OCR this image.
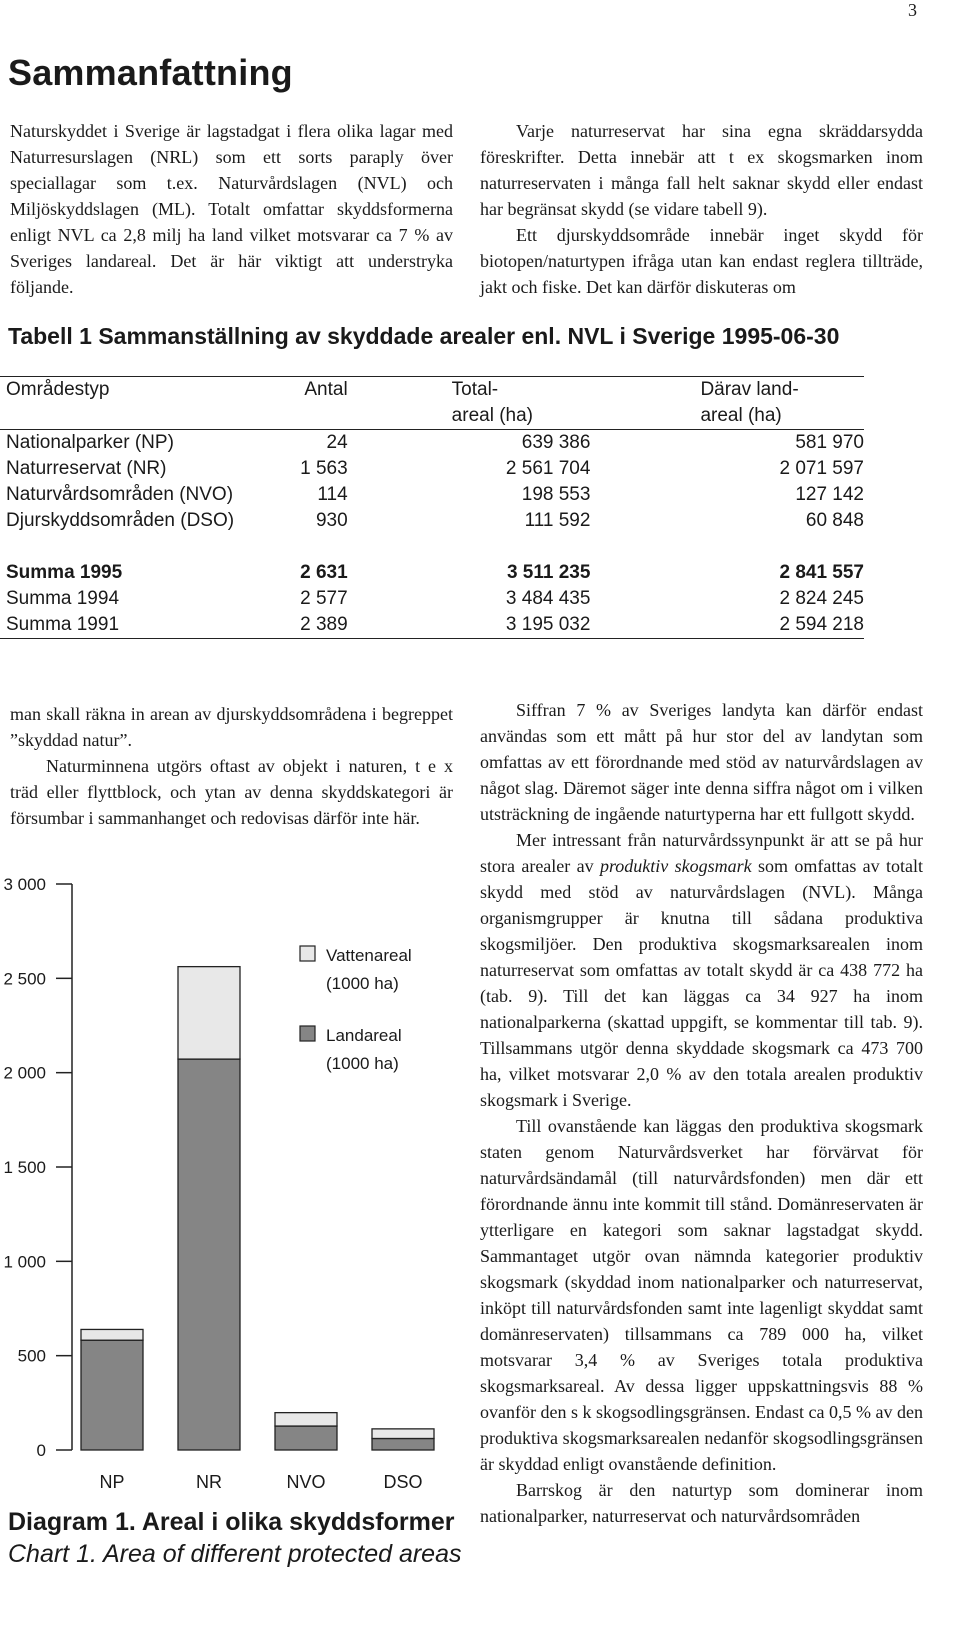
3
Sammanfattning

Naturskyddet i Sverige är lagstadgat i flera olika lagar med Naturresurslagen (NRL) som ett sorts paraply över speciallagar som t.ex. Naturvårdslagen (NVL) och Miljöskyddslagen (ML). Totalt omfattar skyddsformerna enligt NVL ca 2,8 milj ha land vilket motsvarar ca 7 % av Sveriges landareal. Det är här viktigt att understryka följande.

Varje naturreservat har sina egna skräddarsydda föreskrifter. Detta innebär att t ex skogsmarken inom naturreservaten i många fall helt saknar skydd eller endast har begränsat skydd (se vidare tabell 9).

Ett djurskyddsområde innebär inget skydd för biotopen/naturtypen ifråga utan kan endast reglera tillträde, jakt och fiske. Det kan därför diskuteras om

Tabell 1 Sammanställning av skyddade arealer enl. NVL i Sverige 1995-06-30
Områdestyp	Antal	Total-	Därav land-
		areal (ha)	areal (ha)
Nationalparker (NP)	24	639 386	581 970
Naturreservat (NR)	1 563	2 561 704	2 071 597
Naturvårdsområden (NVO)	114	198 553	127 142
Djurskyddsområden (DSO)	930	111 592	60 848

Summa 1995	2 631	3 511 235	2 841 557
Summa 1994	2 577	3 484 435	2 824 245
Summa 1991	2 389	3 195 032	2 594 218

man skall räkna in arean av djurskyddsområdena i begreppet ”skyddad natur”.

Naturminnena utgörs oftast av objekt i naturen, t e x träd eller flyttblock, och ytan av denna skyddskategori är försumbar i sammanhanget och redovisas därför inte här.

Siffran 7 % av Sveriges landyta kan därför endast användas som ett mått på hur stor del av landytan som omfattas av ett förordnande med stöd av naturvårdslagen av något slag. Däremot säger inte denna siffra något om i vilken utsträckning de ingående naturtyperna har ett fullgott skydd.

Mer intressant från naturvårdssynpunkt är att se på hur stora arealer av produktiv skogsmark som omfattas av totalt skydd med stöd av naturvårdslagen (NVL). Många organismgrupper är knutna till sådana produktiva skogsmiljöer. Den produktiva skogsmarksarealen inom naturreservat som omfattas av totalt skydd är ca 438 772 ha (tab. 9). Till det kan läggas ca 34 927 ha inom nationalparkerna (skattad uppgift, se kommentar till tab. 9). Tillsammans utgör denna skyddade skogsmark ca 473 700 ha, vilket motsvarar 2,0 % av den totala arealen produktiv skogsmark i Sverige.

Till ovanstående kan läggas den produktiva skogsmark staten genom Naturvårdsverket har förvärvat för naturvårdsändamål (till naturvårdsfonden) men där ett förordnande ännu inte kommit till stånd. Domänreservaten är ytterligare en kategori som saknar lagstadgat skydd. Sammantaget utgör ovan nämnda kategorier produktiv skogsmark (skyddad inom nationalparker och naturreservat, inköpt till naturvårdsfonden samt inte lagenligt skyddat samt domänreservaten) tillsammans ca 789 000 ha, vilket motsvarar 3,4 % av Sveriges totala produktiva skogsmarksareal. Av dessa ligger uppskattningsvis 88 % ovanför den s k skogsodlingsgränsen. Endast ca 0,5 % av den produktiva skogsmarksarealen nedanför skogsodlingsgränsen är skyddad enligt ovanstående definition.

Barrskog är den naturtyp som dominerar inom nationalparker, naturreservat och naturvårdsområden

0
500
1 000
1 500
2 000
2 500
3 000
NP	NR	NVO	DSO
Vattenareal
(1000 ha)
Landareal
(1000 ha)
Diagram 1. Areal i olika skyddsformer
Chart 1. Area of different protected areas
